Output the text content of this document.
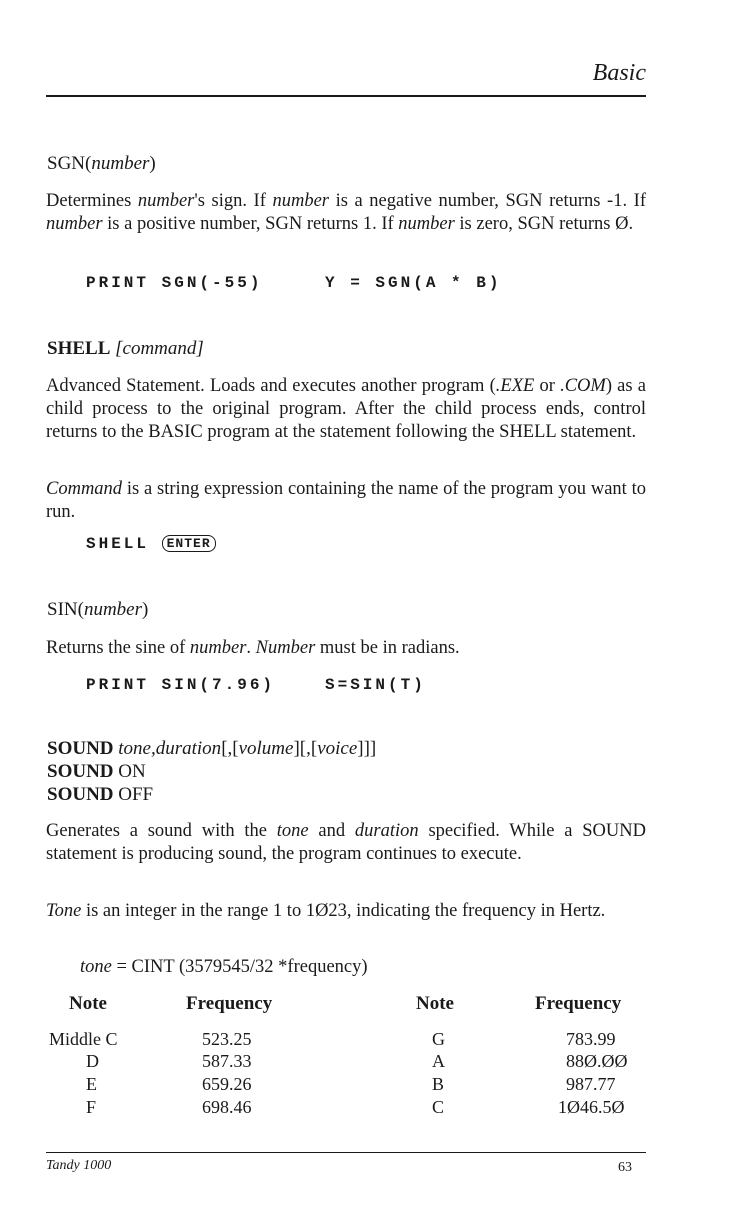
Basic
SGN(number)
Determines number's sign. If number is a negative number, SGN returns -1. If number is a positive number, SGN returns 1. If number is zero, SGN returns Ø.
PRINT SGN(-55)	Y = SGN(A * B)
SHELL [command]
Advanced Statement. Loads and executes another program (.EXE or .COM) as a child process to the original program. After the child process ends, control returns to the BASIC program at the statement following the SHELL statement.
Command is a string expression containing the name of the program you want to run.
SHELL ENTER
SIN(number)
Returns the sine of number. Number must be in radians.
PRINT SIN(7.96)	S=SIN(T)
SOUND tone,duration[,[volume][,[voice]]]
SOUND ON
SOUND OFF
Generates a sound with the tone and duration specified. While a SOUND statement is producing sound, the program continues to execute.
Tone is an integer in the range 1 to 1Ø23, indicating the frequency in Hertz.
tone = CINT (3579545/32 *frequency)
Note	Frequency	Note	Frequency
Middle C	523.25	G	783.99
D	587.33	A	88Ø.ØØ
E	659.26	B	987.77
F	698.46	C	1Ø46.5Ø
Tandy 1000	63
